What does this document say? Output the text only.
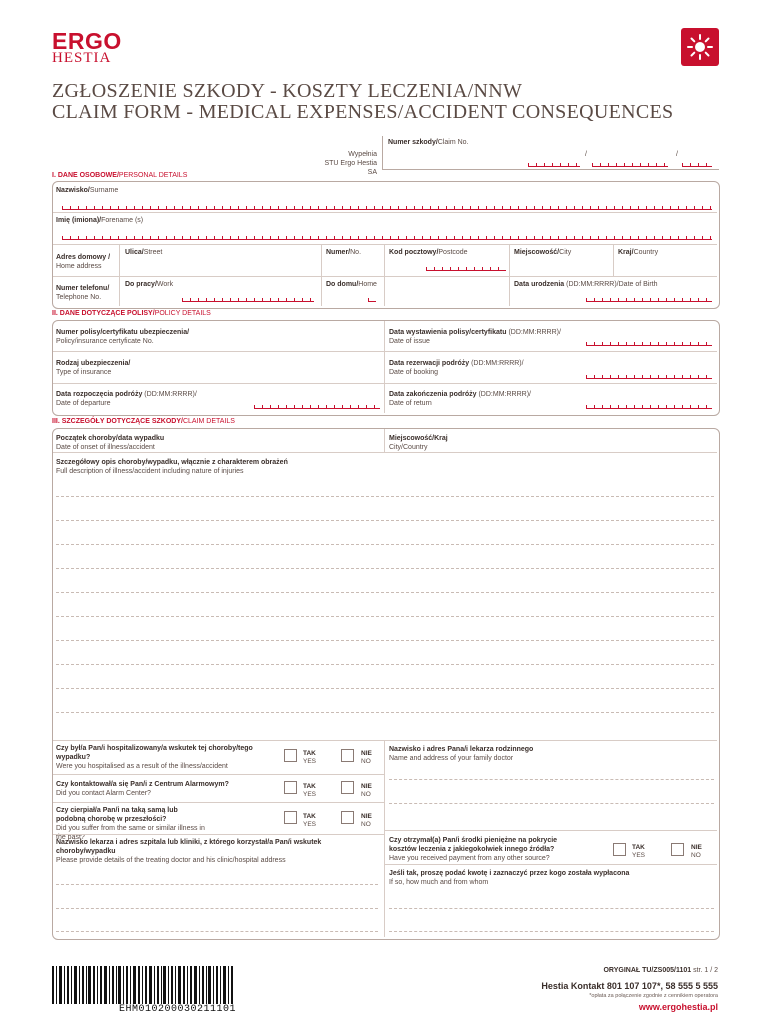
ERGO
HESTIA
ZGŁOSZENIE SZKODY - KOSZTY LECZENIA/NNW
CLAIM FORM - MEDICAL EXPENSES/ACCIDENT CONSEQUENCES
Numer szkody/Claim No.
Wypełnia
STU Ergo Hestia SA
/	/
I. DANE OSOBOWE/PERSONAL DETAILS
Nazwisko/Surname
Imię (imiona)/Forename (s)
Adres domowy /
Home address
Ulica/Street	Numer/No.	Kod pocztowy/Postcode	Miejscowość/City	Kraj/Country
Numer telefonu/
Telephone No.
Do pracy/Work	Do domu/Home	Data urodzenia (DD:MM:RRRR)/Date of Birth
II. DANE DOTYCZĄCE POLISY/POLICY DETAILS
Numer polisy/certyfikatu ubezpieczenia/
Policy/insurance certyficate No.
Data wystawienia polisy/certyfikatu (DD:MM:RRRR)/
Date of issue
Rodzaj ubezpieczenia/
Type of insurance
Data rezerwacji podróży (DD:MM:RRRR)/
Date of booking
Data rozpoczęcia podróży (DD:MM:RRRR)/
Date of departure
Data zakończenia podróży (DD:MM:RRRR)/
Date of return
III. SZCZEGÓŁY DOTYCZĄCE SZKODY/CLAIM DETAILS
Początek choroby/data wypadku
Date of onset of illness/accident
Miejscowość/Kraj
City/Country
Szczegółowy opis choroby/wypadku, włącznie z charakterem obrażeń
Full description of illness/accident including nature of injuries
Czy był/a Pan/i hospitalizowany/a wskutek tej choroby/tego wypadku?
Were you hospitalised as a result of the illness/accident
TAK
YES
NIE
NO
Nazwisko i adres Pana/i lekarza rodzinnego
Name and address of your family doctor
Czy kontaktował/a się Pan/i z Centrum Alarmowym?
Did you contact Alarm Center?
TAK
YES
NIE
NO
Czy cierpiał/a Pan/i na taką samą lub podobną chorobę w przeszłości?
Did you suffer from the same or similar illness in the past?
TAK
YES
NIE
NO
Czy otrzymał(a) Pan/i środki pieniężne na pokrycie kosztów leczenia z jakiegokolwiek innego źródła?
Have you received payment from any other source?
TAK
YES
NIE
NO
Nazwisko lekarza i adres szpitala lub kliniki, z którego korzystał/a Pan/i wskutek choroby/wypadku
Please provide details of the treating doctor and his clinic/hospital address
Jeśli tak, proszę podać kwotę i zaznaczyć przez kogo została wypłacona
If so, how much and from whom
EHM010200030211101
ORYGINAŁ TU/ZS005/1101 str. 1 / 2
Hestia Kontakt 801 107 107*, 58 555 5 555
*opłata za połączenie zgodnie z cennikiem operatora
www.ergohestia.pl
